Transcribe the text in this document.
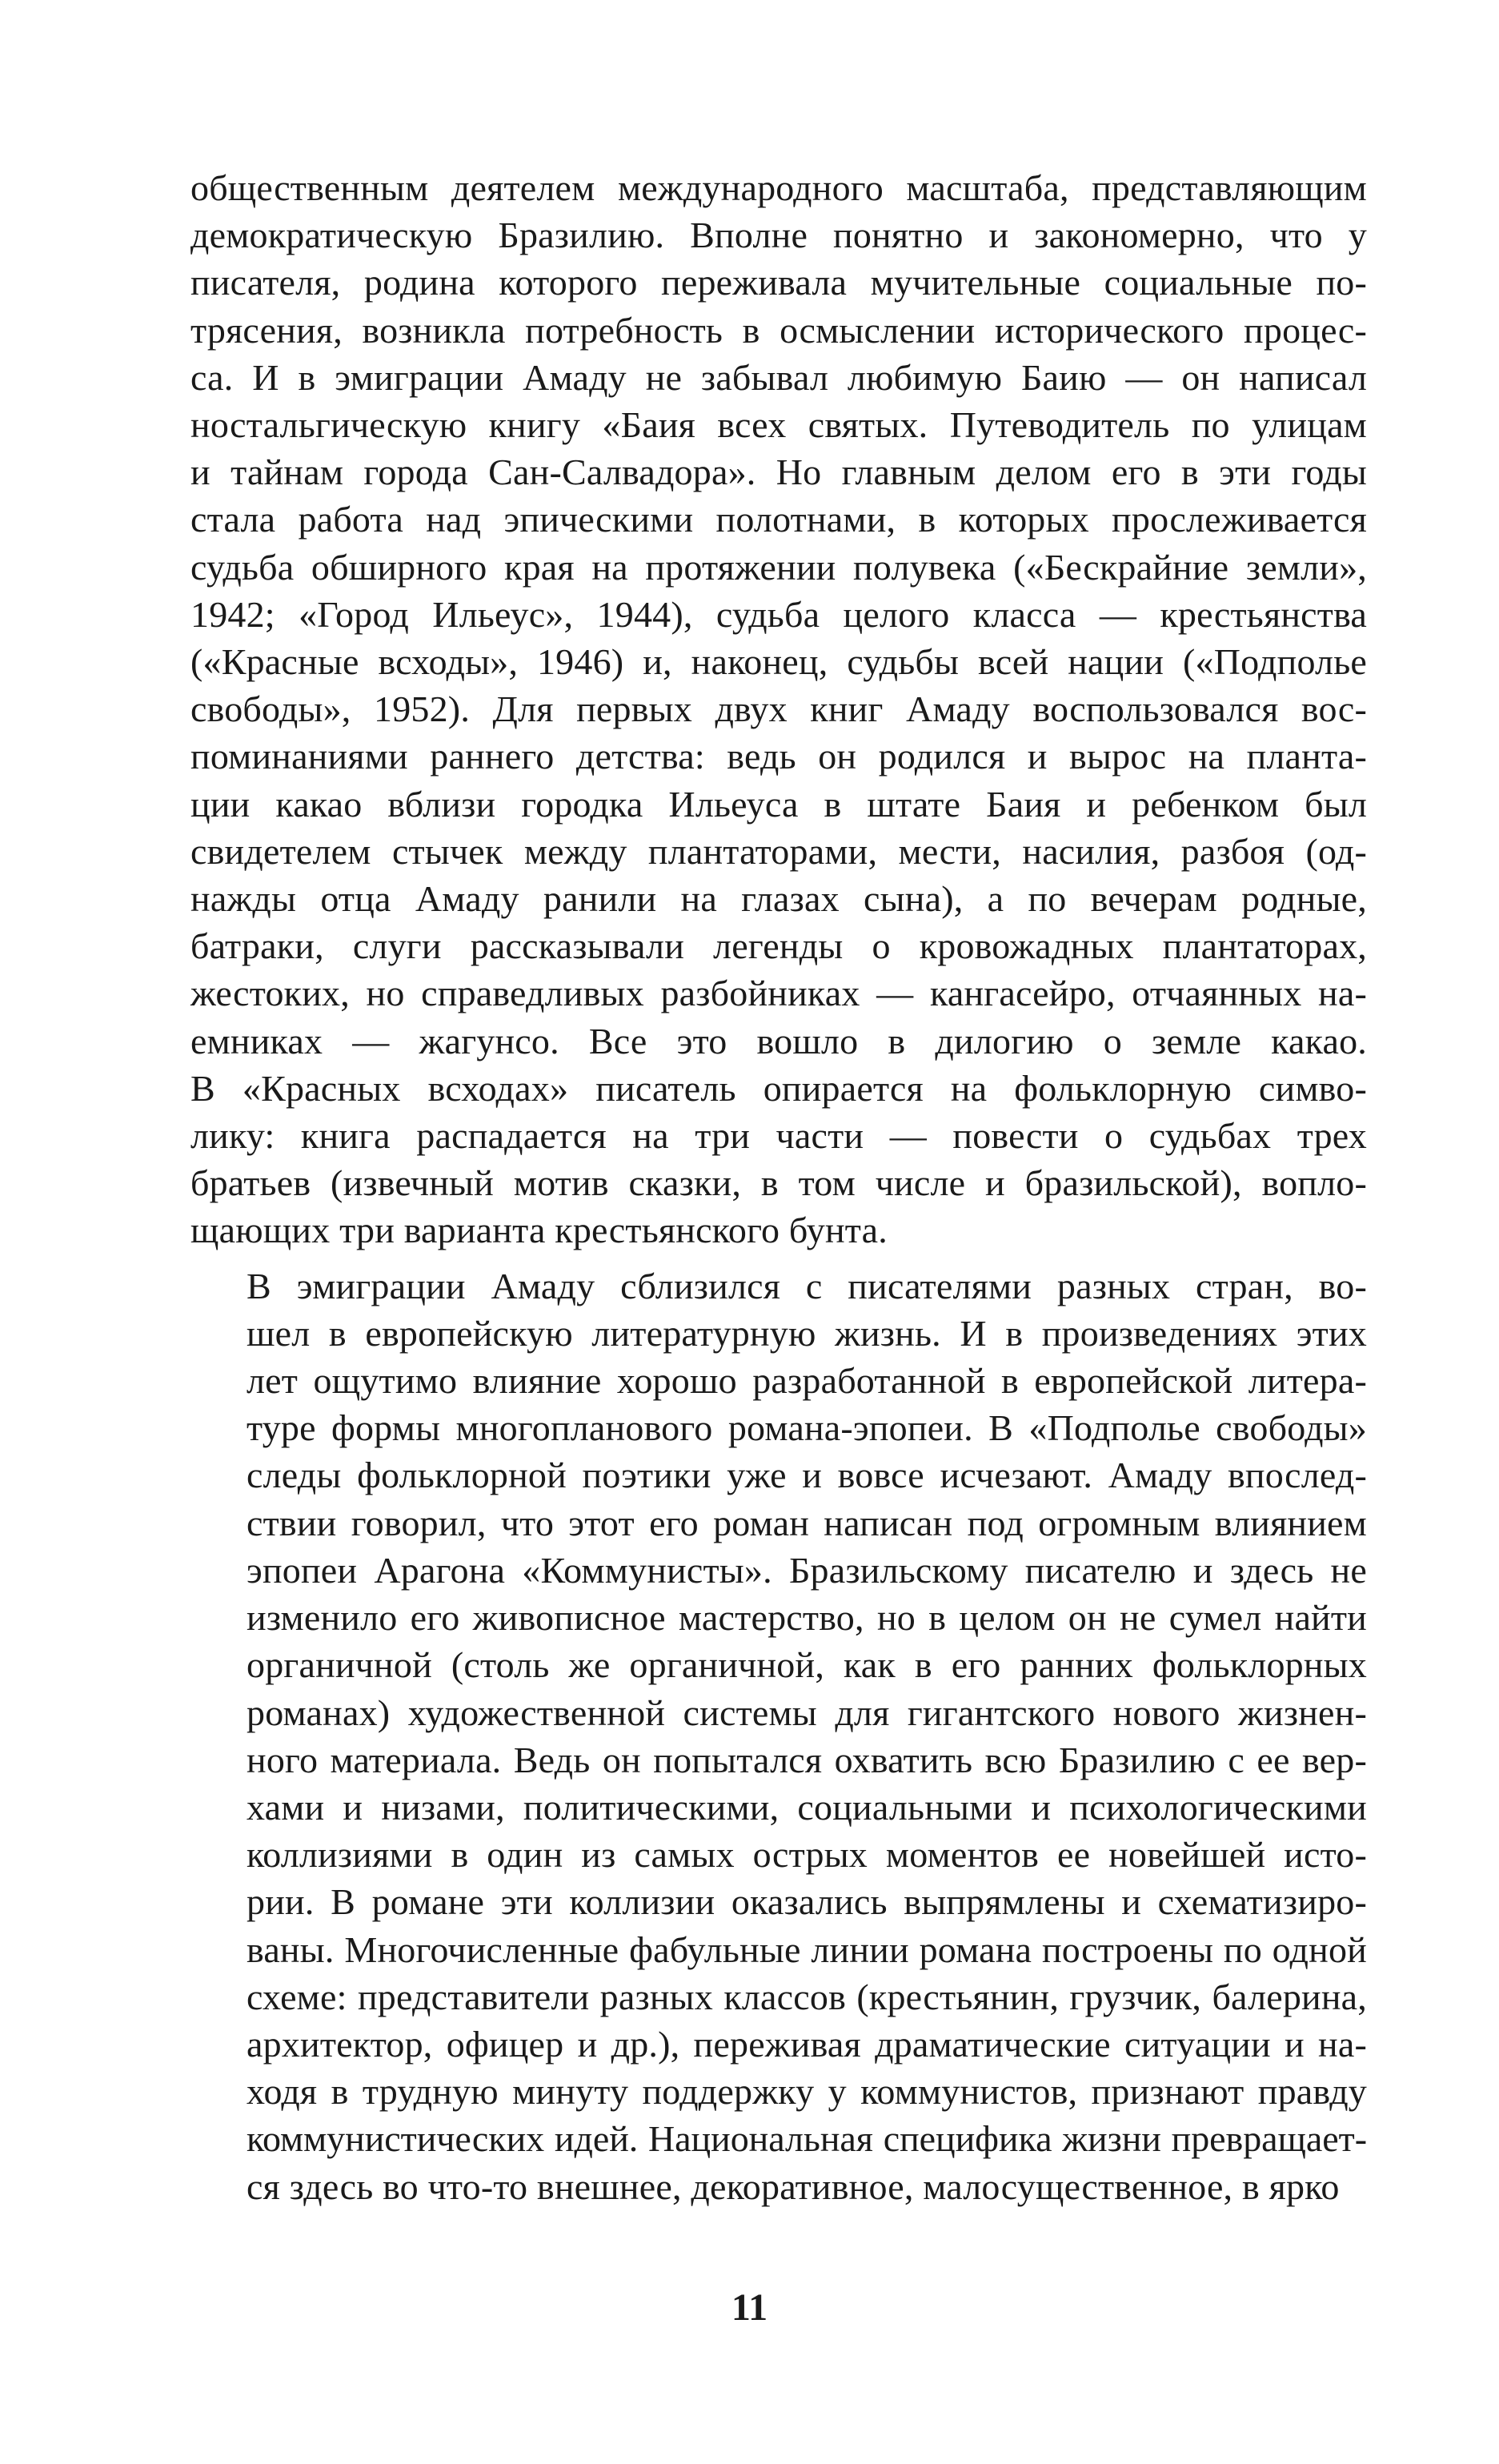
общественным деятелем международного масштаба, представляющим
демократическую Бразилию. Вполне понятно и закономерно, что у
писателя, родина которого переживала мучительные социальные по-
трясения, возникла потребность в осмыслении исторического процес-
са. И в эмиграции Амаду не забывал любимую Баию — он написал
ностальгическую книгу «Баия всех святых. Путеводитель по улицам
и тайнам города Сан-Салвадора». Но главным делом его в эти годы
стала работа над эпическими полотнами, в которых прослеживается
судьба обширного края на протяжении полувека («Бескрайние земли»,
1942; «Город Ильеус», 1944), судьба целого класса — крестьянства
(«Красные всходы», 1946) и, наконец, судьбы всей нации («Подполье
свободы», 1952). Для первых двух книг Амаду воспользовался вос-
поминаниями раннего детства: ведь он родился и вырос на планта-
ции какао вблизи городка Ильеуса в штате Баия и ребенком был
свидетелем стычек между плантаторами, мести, насилия, разбоя (од-
нажды отца Амаду ранили на глазах сына), а по вечерам родные,
батраки, слуги рассказывали легенды о кровожадных плантаторах,
жестоких, но справедливых разбойниках — кангасейро, отчаянных на-
емниках — жагунсо. Все это вошло в дилогию о земле какао.
В «Красных всходах» писатель опирается на фольклорную симво-
лику: книга распадается на три части — повести о судьбах трех
братьев (извечный мотив сказки, в том числе и бразильской), вопло-
щающих три варианта крестьянского бунта.

В эмиграции Амаду сблизился с писателями разных стран, во-
шел в европейскую литературную жизнь. И в произведениях этих
лет ощутимо влияние хорошо разработанной в европейской литера-
туре формы многопланового романа-эпопеи. В «Подполье свободы»
следы фольклорной поэтики уже и вовсе исчезают. Амаду впослед-
ствии говорил, что этот его роман написан под огромным влиянием
эпопеи Арагона «Коммунисты». Бразильскому писателю и здесь не
изменило его живописное мастерство, но в целом он не сумел найти
органичной (столь же органичной, как в его ранних фольклорных
романах) художественной системы для гигантского нового жизнен-
ного материала. Ведь он попытался охватить всю Бразилию с ее вер-
хами и низами, политическими, социальными и психологическими
коллизиями в один из самых острых моментов ее новейшей исто-
рии. В романе эти коллизии оказались выпрямлены и схематизиро-
ваны. Многочисленные фабульные линии романа построены по одной
схеме: представители разных классов (крестьянин, грузчик, балерина,
архитектор, офицер и др.), переживая драматические ситуации и на-
ходя в трудную минуту поддержку у коммунистов, признают правду
коммунистических идей. Национальная специфика жизни превращает-
ся здесь во что-то внешнее, декоративное, малосущественное, в ярко

11
